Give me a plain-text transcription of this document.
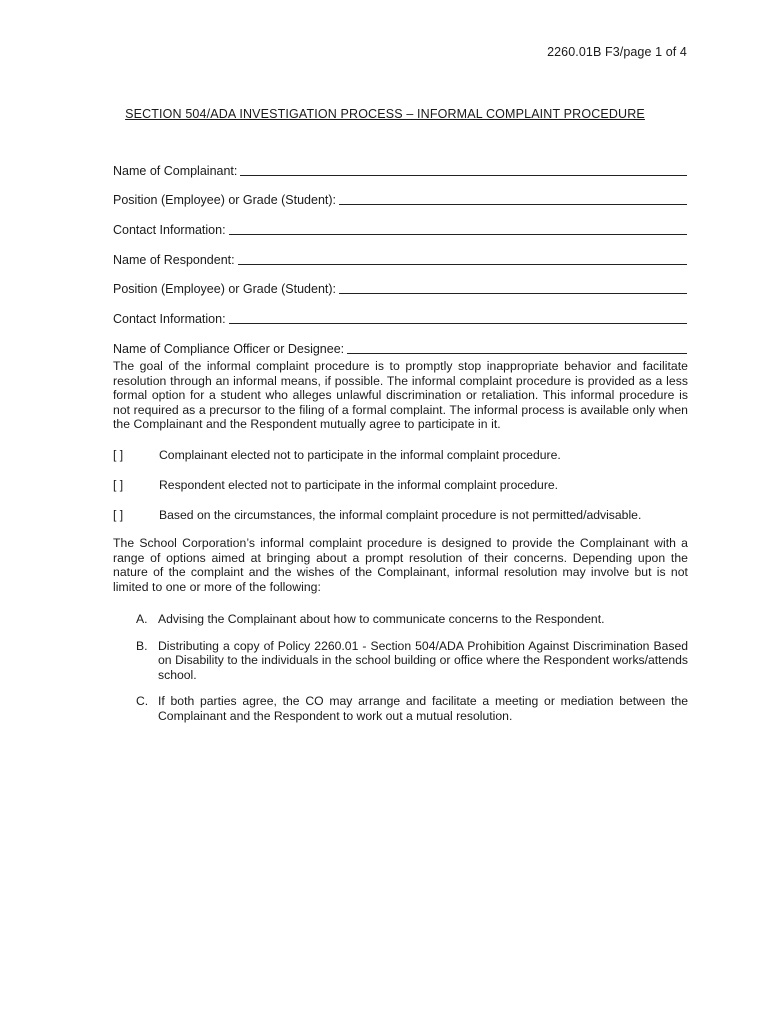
2260.01B F3/page 1 of 4
SECTION 504/ADA INVESTIGATION PROCESS – INFORMAL COMPLAINT PROCEDURE
Name of Complainant:
Position (Employee) or Grade (Student):
Contact Information:
Name of Respondent:
Position (Employee) or Grade (Student):
Contact Information:
Name of Compliance Officer or Designee:
The goal of the informal complaint procedure is to promptly stop inappropriate behavior and facilitate resolution through an informal means, if possible. The informal complaint procedure is provided as a less formal option for a student who alleges unlawful discrimination or retaliation. This informal procedure is not required as a precursor to the filing of a formal complaint. The informal process is available only when the Complainant and the Respondent mutually agree to participate in it.
[ ]	Complainant elected not to participate in the informal complaint procedure.
[ ]	Respondent elected not to participate in the informal complaint procedure.
[ ]	Based on the circumstances, the informal complaint procedure is not permitted/advisable.
The School Corporation’s informal complaint procedure is designed to provide the Complainant with a range of options aimed at bringing about a prompt resolution of their concerns. Depending upon the nature of the complaint and the wishes of the Complainant, informal resolution may involve but is not limited to one or more of the following:
A. Advising the Complainant about how to communicate concerns to the Respondent.
B. Distributing a copy of Policy 2260.01 - Section 504/ADA Prohibition Against Discrimination Based on Disability to the individuals in the school building or office where the Respondent works/attends school.
C. If both parties agree, the CO may arrange and facilitate a meeting or mediation between the Complainant and the Respondent to work out a mutual resolution.
